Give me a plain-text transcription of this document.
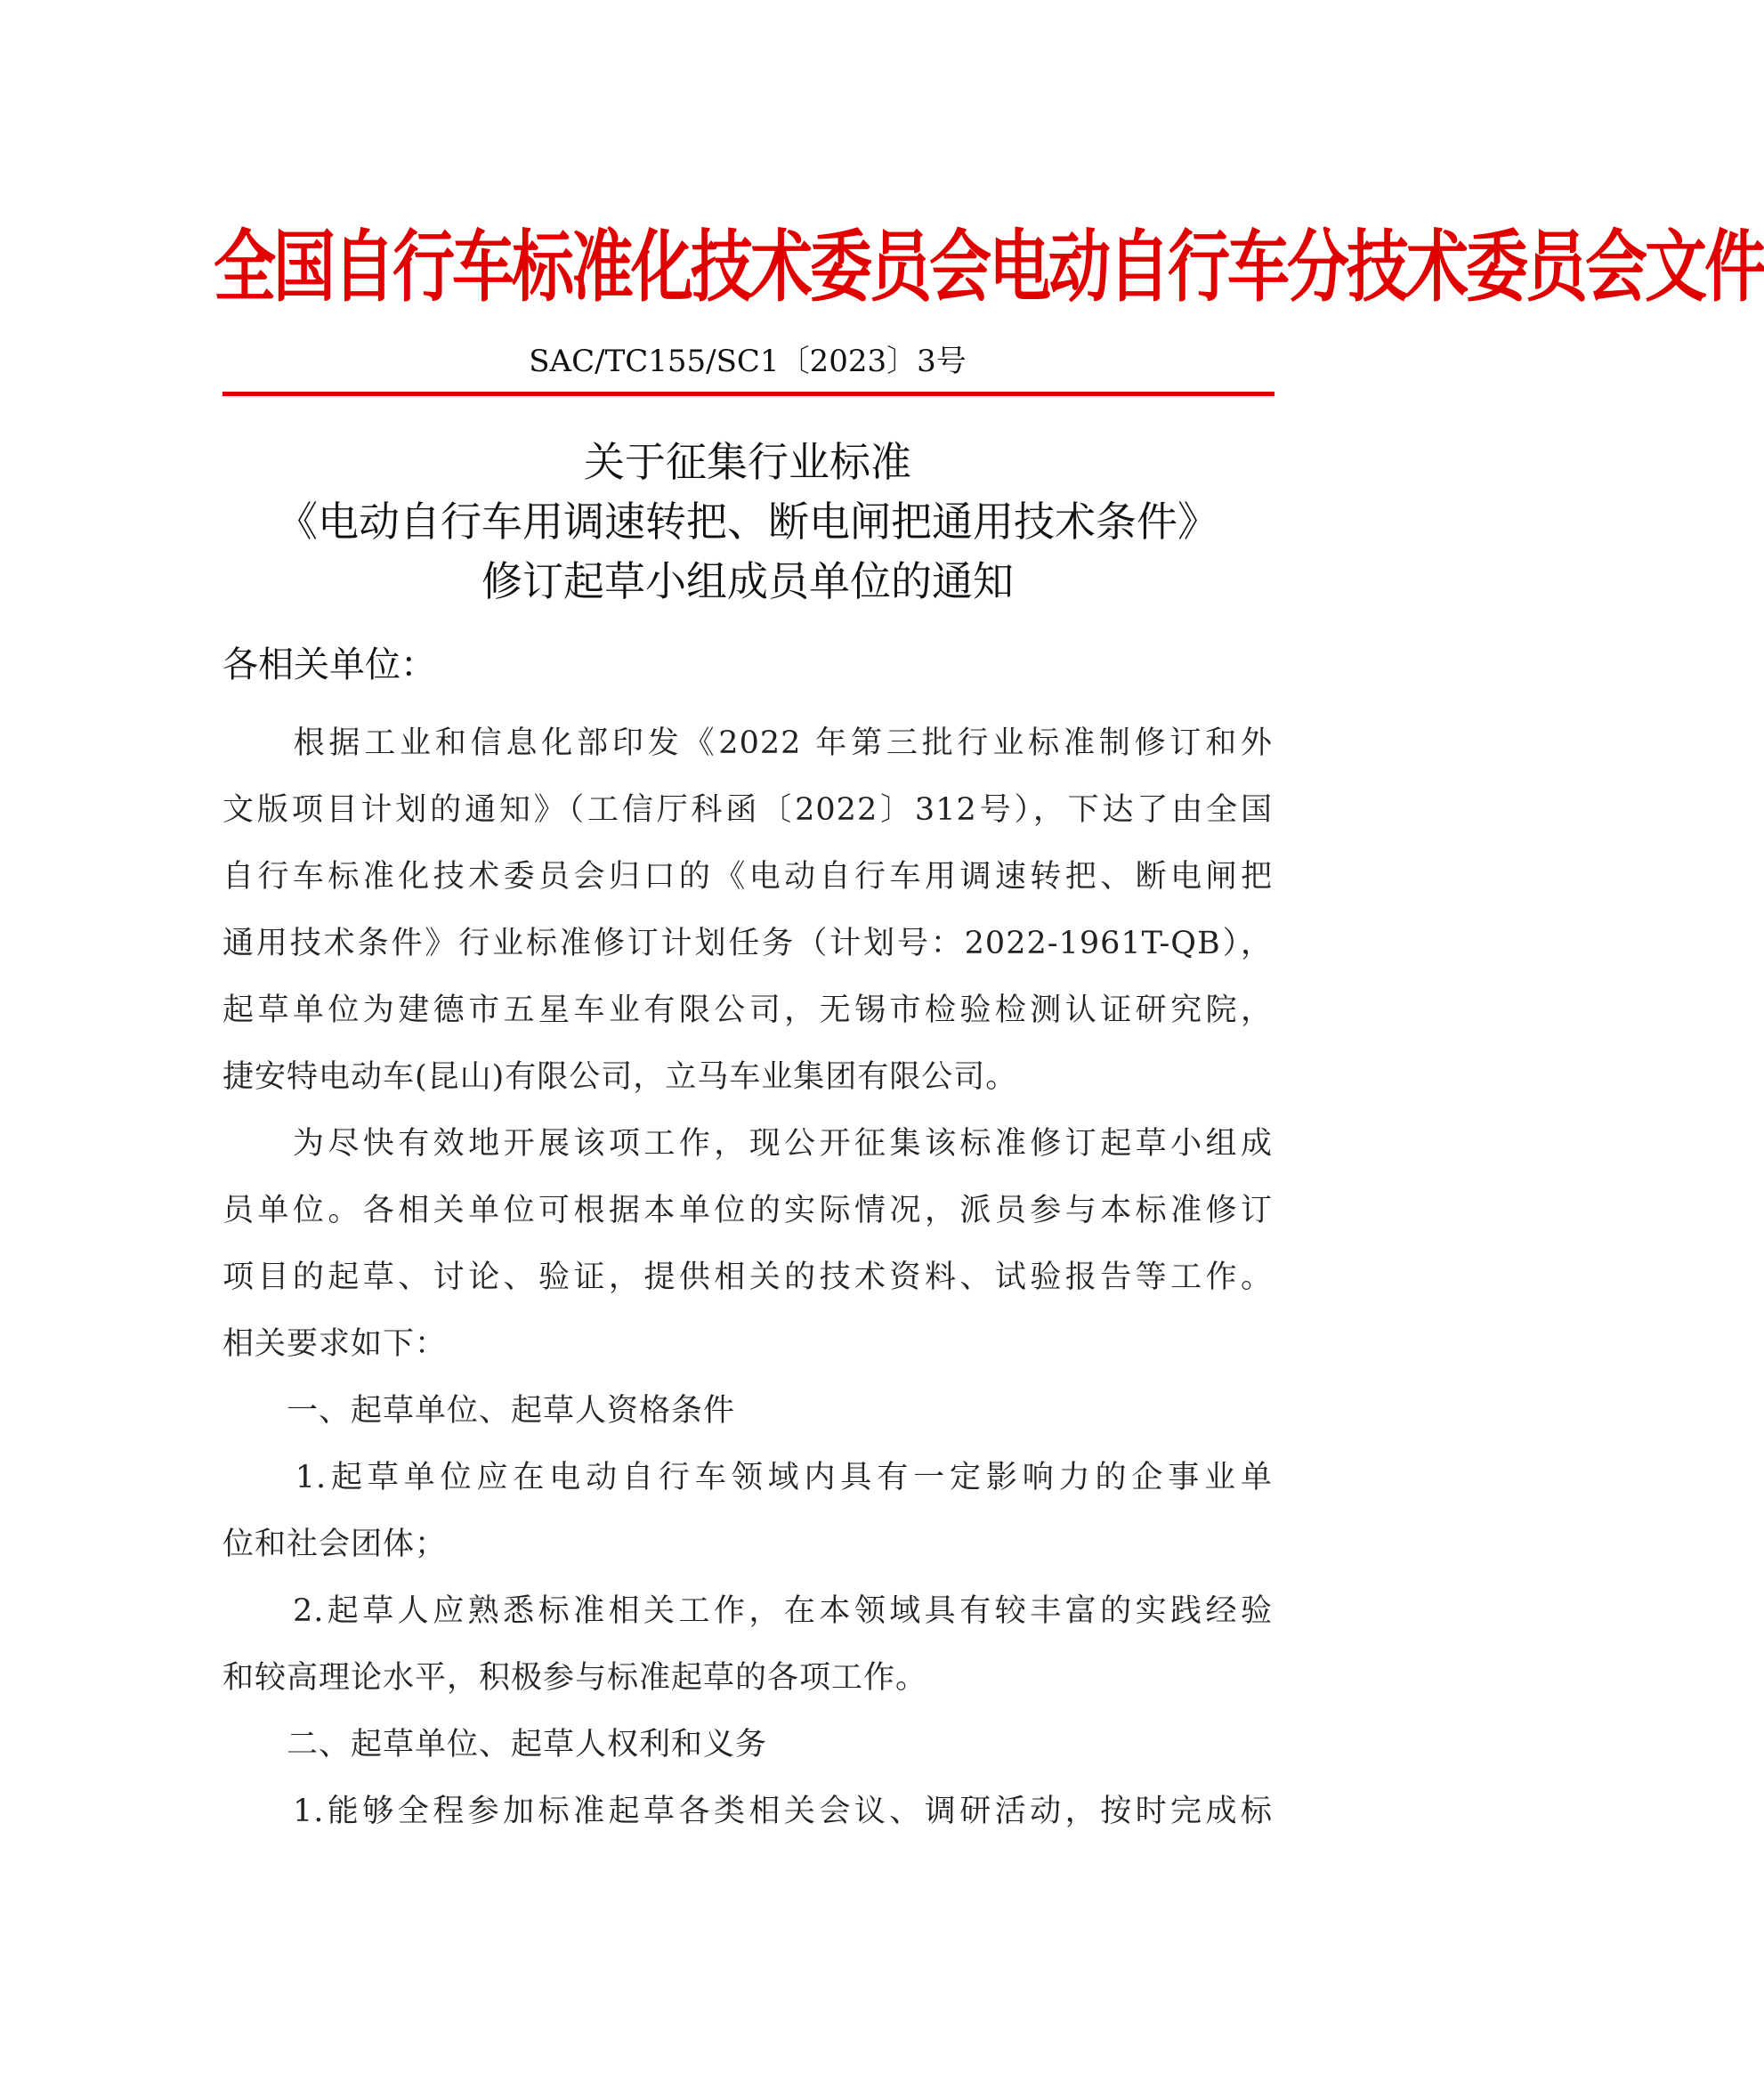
全国自行车标准化技术委员会电动自行车分技术委员会文件
SAC/TC155/SC1〔2023〕3号
关于征集行业标准
《电动自行车用调速转把、断电闸把通用技术条件》
修订起草小组成员单位的通知
各相关单位：
　　根据工业和信息化部印发《2022 年第三批行业标准制修订和外
文版项目计划的通知》（工信厅科函〔2022〕312号），下达了由全国
自行车标准化技术委员会归口的《电动自行车用调速转把、断电闸把
通用技术条件》行业标准修订计划任务（计划号：2022-1961T-QB），
起草单位为建德市五星车业有限公司，无锡市检验检测认证研究院，
捷安特电动车(昆山)有限公司，立马车业集团有限公司。
　　为尽快有效地开展该项工作，现公开征集该标准修订起草小组成
员单位。各相关单位可根据本单位的实际情况，派员参与本标准修订
项目的起草、讨论、验证，提供相关的技术资料、试验报告等工作。
相关要求如下：
　　一、起草单位、起草人资格条件
　　1.起草单位应在电动自行车领域内具有一定影响力的企事业单
位和社会团体；
　　2.起草人应熟悉标准相关工作，在本领域具有较丰富的实践经验
和较高理论水平，积极参与标准起草的各项工作。
　　二、起草单位、起草人权利和义务
　　1.能够全程参加标准起草各类相关会议、调研活动，按时完成标
